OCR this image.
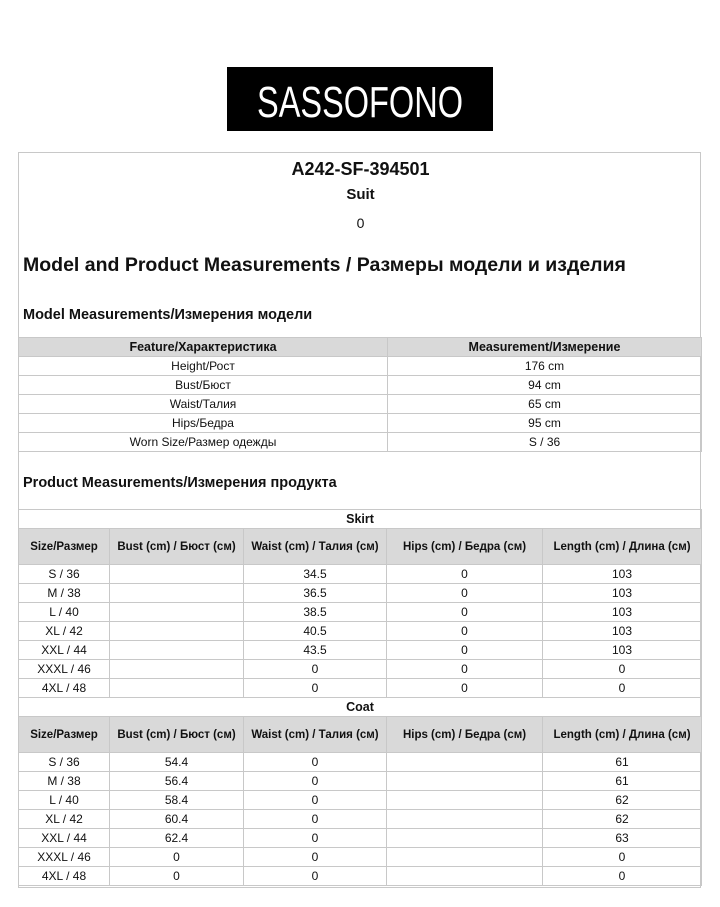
SASSOFONO
A242-SF-394501
Suit
0
Model and Product Measurements / Размеры модели и изделия
Model Measurements/Измерения модели
Feature/Характеристика	Measurement/Измерение
Height/Рост	176 cm
Bust/Бюст	94 cm
Waist/Талия	65 cm
Hips/Бедра	95 cm
Worn Size/Размер одежды	S / 36
Product Measurements/Измерения продукта
Skirt				
Size/Размер	Bust (cm) / Бюст (см)	Waist (cm) / Талия (см)	Hips (cm) / Бедра (см)	Length (cm) / Длина (см)
S / 36		34.5	0	103
M / 38		36.5	0	103
L / 40		38.5	0	103
XL / 42		40.5	0	103
XXL / 44		43.5	0	103
XXXL / 46		0	0	0
4XL / 48		0	0	0
Coat				
Size/Размер	Bust (cm) / Бюст (см)	Waist (cm) / Талия (см)	Hips (cm) / Бедра (см)	Length (cm) / Длина (см)
S / 36	54.4	0		61
M / 38	56.4	0		61
L / 40	58.4	0		62
XL / 42	60.4	0		62
XXL / 44	62.4	0		63
XXXL / 46	0	0		0
4XL / 48	0	0		0
